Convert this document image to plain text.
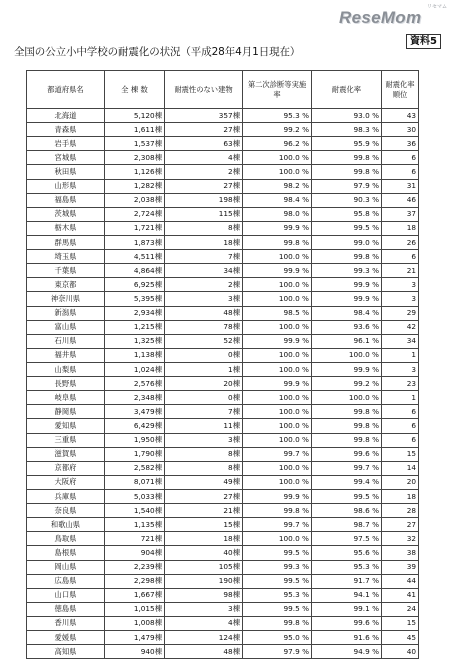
リセマム
ReseMom
資料5
全国の公立小中学校の耐震化の状況（平成28年4月1日現在）
都道府県名	全 棟 数	耐震性のない建物	第二次診断等実施率	耐震化率	耐震化率順位
北海道	5,120棟	357棟	95.3 %	93.0 %	43
青森県	1,611棟	27棟	99.2 %	98.3 %	30
岩手県	1,537棟	63棟	96.2 %	95.9 %	36
宮城県	2,308棟	4棟	100.0 %	99.8 %	6
秋田県	1,126棟	2棟	100.0 %	99.8 %	6
山形県	1,282棟	27棟	98.2 %	97.9 %	31
福島県	2,038棟	198棟	98.4 %	90.3 %	46
茨城県	2,724棟	115棟	98.0 %	95.8 %	37
栃木県	1,721棟	8棟	99.9 %	99.5 %	18
群馬県	1,873棟	18棟	99.8 %	99.0 %	26
埼玉県	4,511棟	7棟	100.0 %	99.8 %	6
千葉県	4,864棟	34棟	99.9 %	99.3 %	21
東京都	6,925棟	2棟	100.0 %	99.9 %	3
神奈川県	5,395棟	3棟	100.0 %	99.9 %	3
新潟県	2,934棟	48棟	98.5 %	98.4 %	29
富山県	1,215棟	78棟	100.0 %	93.6 %	42
石川県	1,325棟	52棟	99.9 %	96.1 %	34
福井県	1,138棟	0棟	100.0 %	100.0 %	1
山梨県	1,024棟	1棟	100.0 %	99.9 %	3
長野県	2,576棟	20棟	99.9 %	99.2 %	23
岐阜県	2,348棟	0棟	100.0 %	100.0 %	1
静岡県	3,479棟	7棟	100.0 %	99.8 %	6
愛知県	6,429棟	11棟	100.0 %	99.8 %	6
三重県	1,950棟	3棟	100.0 %	99.8 %	6
滋賀県	1,790棟	8棟	99.7 %	99.6 %	15
京都府	2,582棟	8棟	100.0 %	99.7 %	14
大阪府	8,071棟	49棟	100.0 %	99.4 %	20
兵庫県	5,033棟	27棟	99.9 %	99.5 %	18
奈良県	1,540棟	21棟	99.8 %	98.6 %	28
和歌山県	1,135棟	15棟	99.7 %	98.7 %	27
鳥取県	721棟	18棟	100.0 %	97.5 %	32
島根県	904棟	40棟	99.5 %	95.6 %	38
岡山県	2,239棟	105棟	99.3 %	95.3 %	39
広島県	2,298棟	190棟	99.5 %	91.7 %	44
山口県	1,667棟	98棟	95.3 %	94.1 %	41
徳島県	1,015棟	3棟	99.5 %	99.1 %	24
香川県	1,008棟	4棟	99.8 %	99.6 %	15
愛媛県	1,479棟	124棟	95.0 %	91.6 %	45
高知県	940棟	48棟	97.9 %	94.9 %	40
